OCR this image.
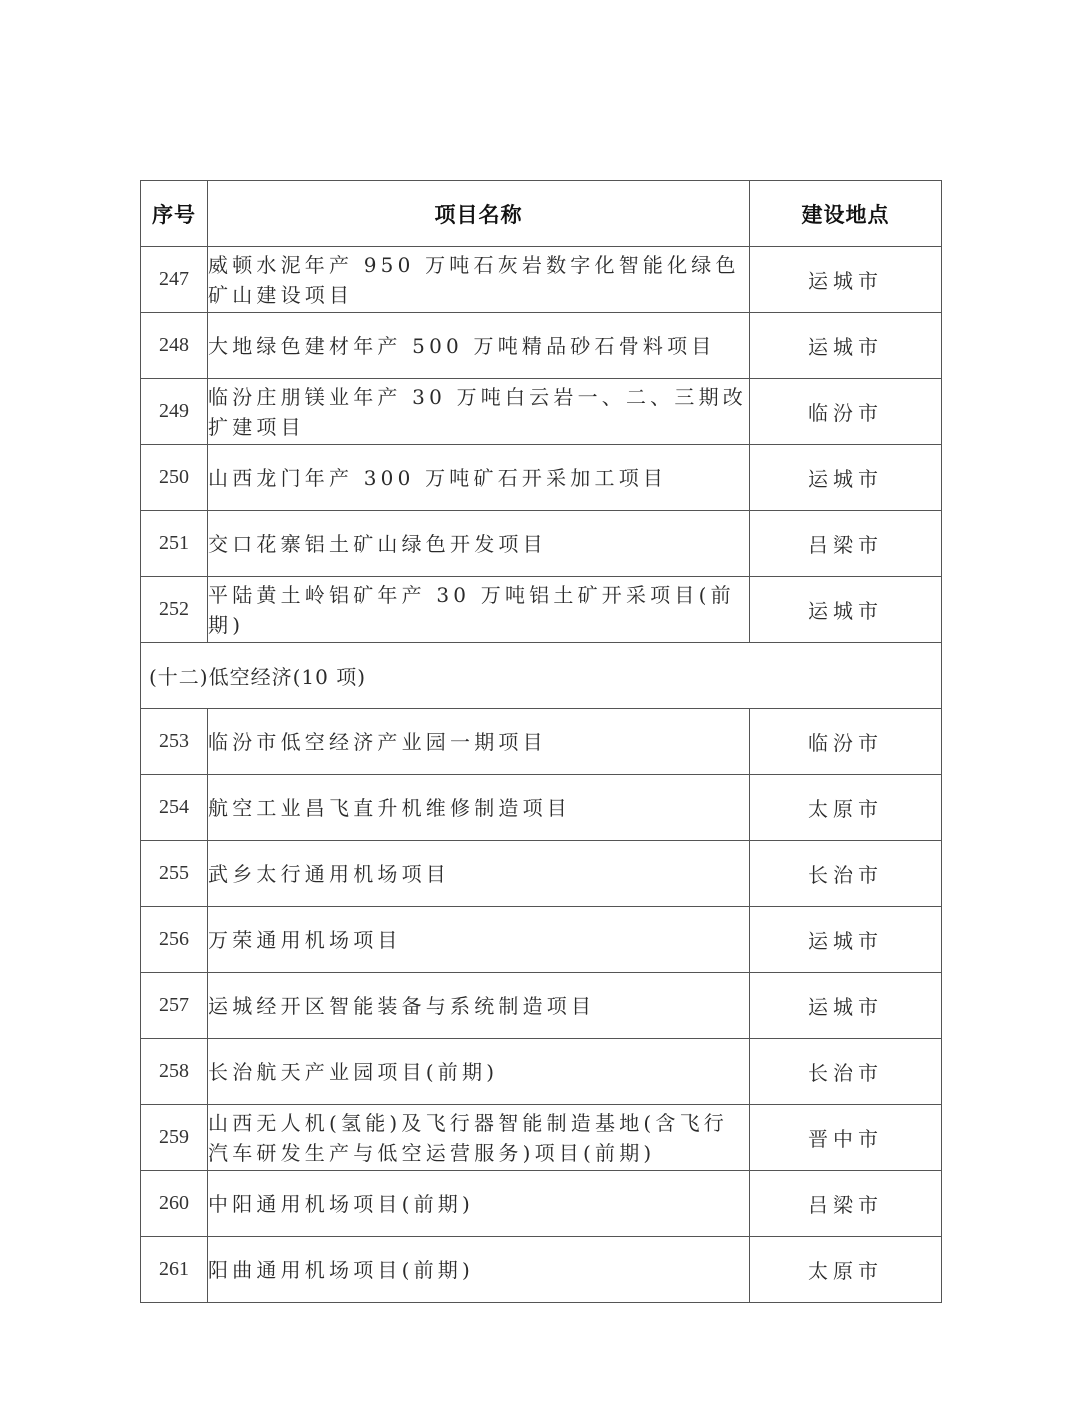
序号	项目名称	建设地点
247	威顿水泥年产 950 万吨石灰岩数字化智能化绿色矿山建设项目	运城市
248	大地绿色建材年产 500 万吨精品砂石骨料项目	运城市
249	临汾庄朋镁业年产 30 万吨白云岩一、二、三期改扩建项目	临汾市
250	山西龙门年产 300 万吨矿石开采加工项目	运城市
251	交口花寨铝土矿山绿色开发项目	吕梁市
252	平陆黄土岭铝矿年产 30 万吨铝土矿开采项目(前期)	运城市
(十二)低空经济(10 项)		
253	临汾市低空经济产业园一期项目	临汾市
254	航空工业昌飞直升机维修制造项目	太原市
255	武乡太行通用机场项目	长治市
256	万荣通用机场项目	运城市
257	运城经开区智能装备与系统制造项目	运城市
258	长治航天产业园项目(前期)	长治市
259	山西无人机(氢能)及飞行器智能制造基地(含飞行汽车研发生产与低空运营服务)项目(前期)	晋中市
260	中阳通用机场项目(前期)	吕梁市
261	阳曲通用机场项目(前期)	太原市
